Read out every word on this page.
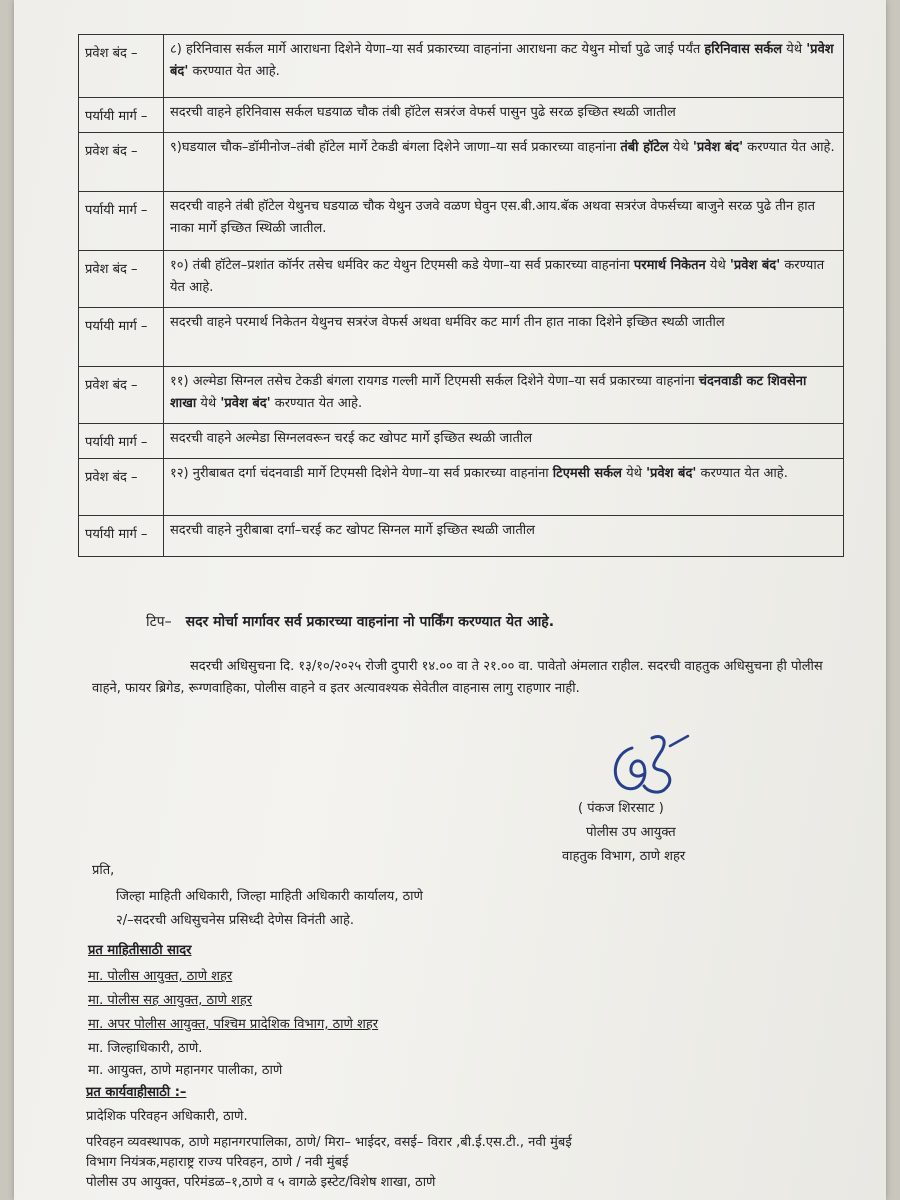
प्रवेश बंद –	८) हरिनिवास सर्कल मार्गे आराधना दिशेने येणा–या सर्व प्रकारच्या वाहनांना आराधना कट येथुन मोर्चा पुढे जाई पर्यंत हरिनिवास सर्कल येथे 'प्रवेश बंद' करण्यात येत आहे.
पर्यायी मार्ग –	सदरची वाहने हरिनिवास सर्कल घडयाळ चौक तंबी हॉटेल सत्ररंज वेफर्स पासुन पुढे सरळ इच्छित स्थळी जातील
प्रवेश बंद –	९)घडयाल चौक–डॉमीनोज–तंबी हॉटेल मार्गे टेकडी बंगला दिशेने जाणा–या सर्व प्रकारच्या वाहनांना तंबी हॉटेल येथे 'प्रवेश बंद' करण्यात येत आहे.
पर्यायी मार्ग –	सदरची वाहने तंबी हॉटेल येथुनच घडयाळ चौक येथुन उजवे वळण घेवुन एस.बी.आय.बॅक अथवा सत्ररंज वेफर्सच्या बाजुने सरळ पुढे तीन हात नाका मार्गे इच्छित स्थिळी जातील.
प्रवेश बंद –	१०) तंबी हॉटेल–प्रशांत कॉर्नर तसेच धर्मविर कट येथुन टिएमसी कडे येणा–या सर्व प्रकारच्या वाहनांना परमार्थ निकेतन येथे 'प्रवेश बंद' करण्यात येत आहे.
पर्यायी मार्ग –	सदरची वाहने परमार्थ निकेतन येथुनच सत्ररंज वेफर्स अथवा धर्मविर कट मार्ग तीन हात नाका दिशेने इच्छित स्थळी जातील
प्रवेश बंद –	११) अल्मेडा सिग्नल तसेच टेकडी बंगला रायगड गल्ली मार्गे टिएमसी सर्कल दिशेने येणा–या सर्व प्रकारच्या वाहनांना चंदनवाडी कट शिवसेना शाखा येथे 'प्रवेश बंद' करण्यात येत आहे.
पर्यायी मार्ग –	सदरची वाहने अल्मेडा सिग्नलवरून चरई कट खोपट मार्गे इच्छित स्थळी जातील
प्रवेश बंद –	१२) नुरीबाबत दर्गा चंदनवाडी मार्गे टिएमसी दिशेने येणा–या सर्व प्रकारच्या वाहनांना टिएमसी सर्कल येथे 'प्रवेश बंद' करण्यात येत आहे.
पर्यायी मार्ग –	सदरची वाहने नुरीबाबा दर्गा–चरई कट खोपट सिग्नल मार्गे इच्छित स्थळी जातील
टिप– सदर मोर्चा मार्गावर सर्व प्रकारच्या वाहनांना नो पार्किंग करण्यात येत आहे.
सदरची अधिसुचना दि. १३/१०/२०२५ रोजी दुपारी १४.०० वा ते २१.०० वा. पावेतो अंमलात राहील. सदरची वाहतुक अधिसुचना ही पोलीस वाहने, फायर ब्रिगेड, रूग्णवाहिका, पोलीस वाहने व इतर अत्यावश्यक सेवेतील वाहनास लागु राहणार नाही.
( पंकज शिरसाट )
पोलीस उप आयुक्त
वाहतुक विभाग, ठाणे शहर
प्रति,
जिल्हा माहिती अधिकारी, जिल्हा माहिती अधिकारी कार्यालय, ठाणे
२/–सदरची अधिसुचनेस प्रसिध्दी देणेस विनंती आहे.
प्रत माहितीसाठी सादर
मा. पोलीस आयुक्त, ठाणे शहर
मा. पोलीस सह आयुक्त, ठाणे शहर
मा. अपर पोलीस आयुक्त, पश्चिम प्रादेशिक विभाग, ठाणे शहर
मा. जिल्हाधिकारी, ठाणे.
मा. आयुक्त, ठाणे महानगर पालीका, ठाणे
प्रत कार्यवाहीसाठी :–
प्रादेशिक परिवहन अधिकारी, ठाणे.
परिवहन व्यवस्थापक, ठाणे महानगरपालिका, ठाणे/ मिरा– भाईदर, वसई– विरार ,बी.ई.एस.टी., नवी मुंबई
विभाग नियंत्रक,महाराष्ट्र राज्य परिवहन, ठाणे / नवी मुंबई
पोलीस उप आयुक्त, परिमंडळ–१,ठाणे व ५ वागळे इस्टेट/विशेष शाखा, ठाणे
